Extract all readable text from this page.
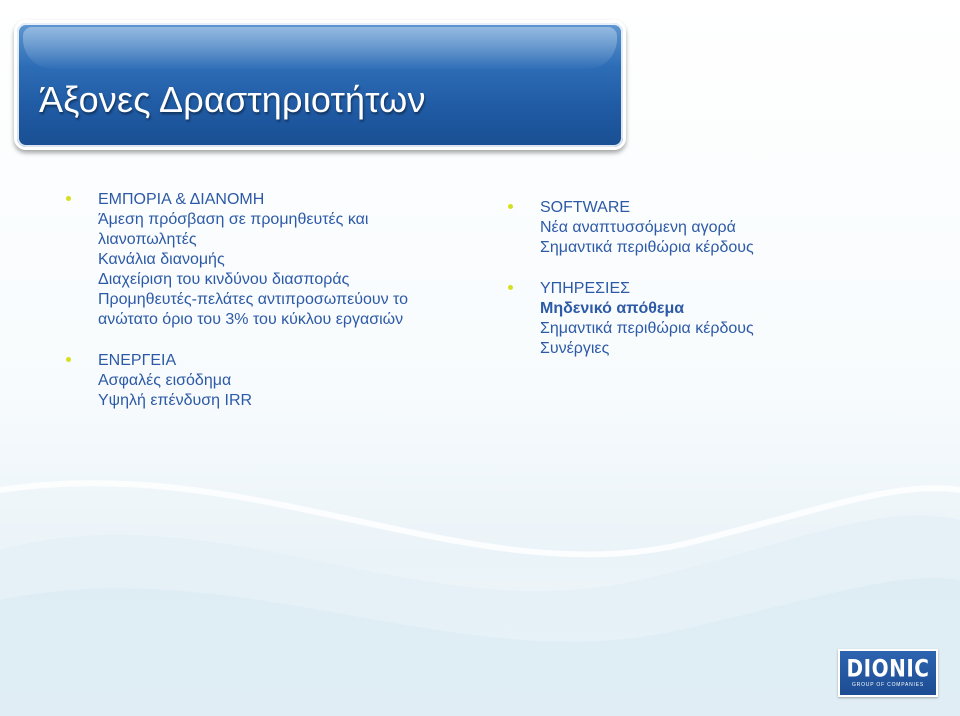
Άξονες Δραστηριοτήτων
ΕΜΠΟΡΙΑ & ΔΙΑΝΟΜΗ
Άμεση πρόσβαση σε προμηθευτές και
λιανοπωλητές
Κανάλια διανομής
Διαχείριση του κινδύνου διασποράς
Προμηθευτές-πελάτες αντιπροσωπεύουν το
ανώτατο όριο του 3% του κύκλου εργασιών
ΕΝΕΡΓΕΙΑ
Ασφαλές εισόδημα
Υψηλή επένδυση IRR
SOFTWARE
Νέα αναπτυσσόμενη αγορά
Σημαντικά περιθώρια κέρδους
ΥΠΗΡΕΣΙΕΣ
Μηδενικό απόθεμα
Σημαντικά περιθώρια κέρδους
Συνέργιες
DIONIC
GROUP OF COMPANIES
